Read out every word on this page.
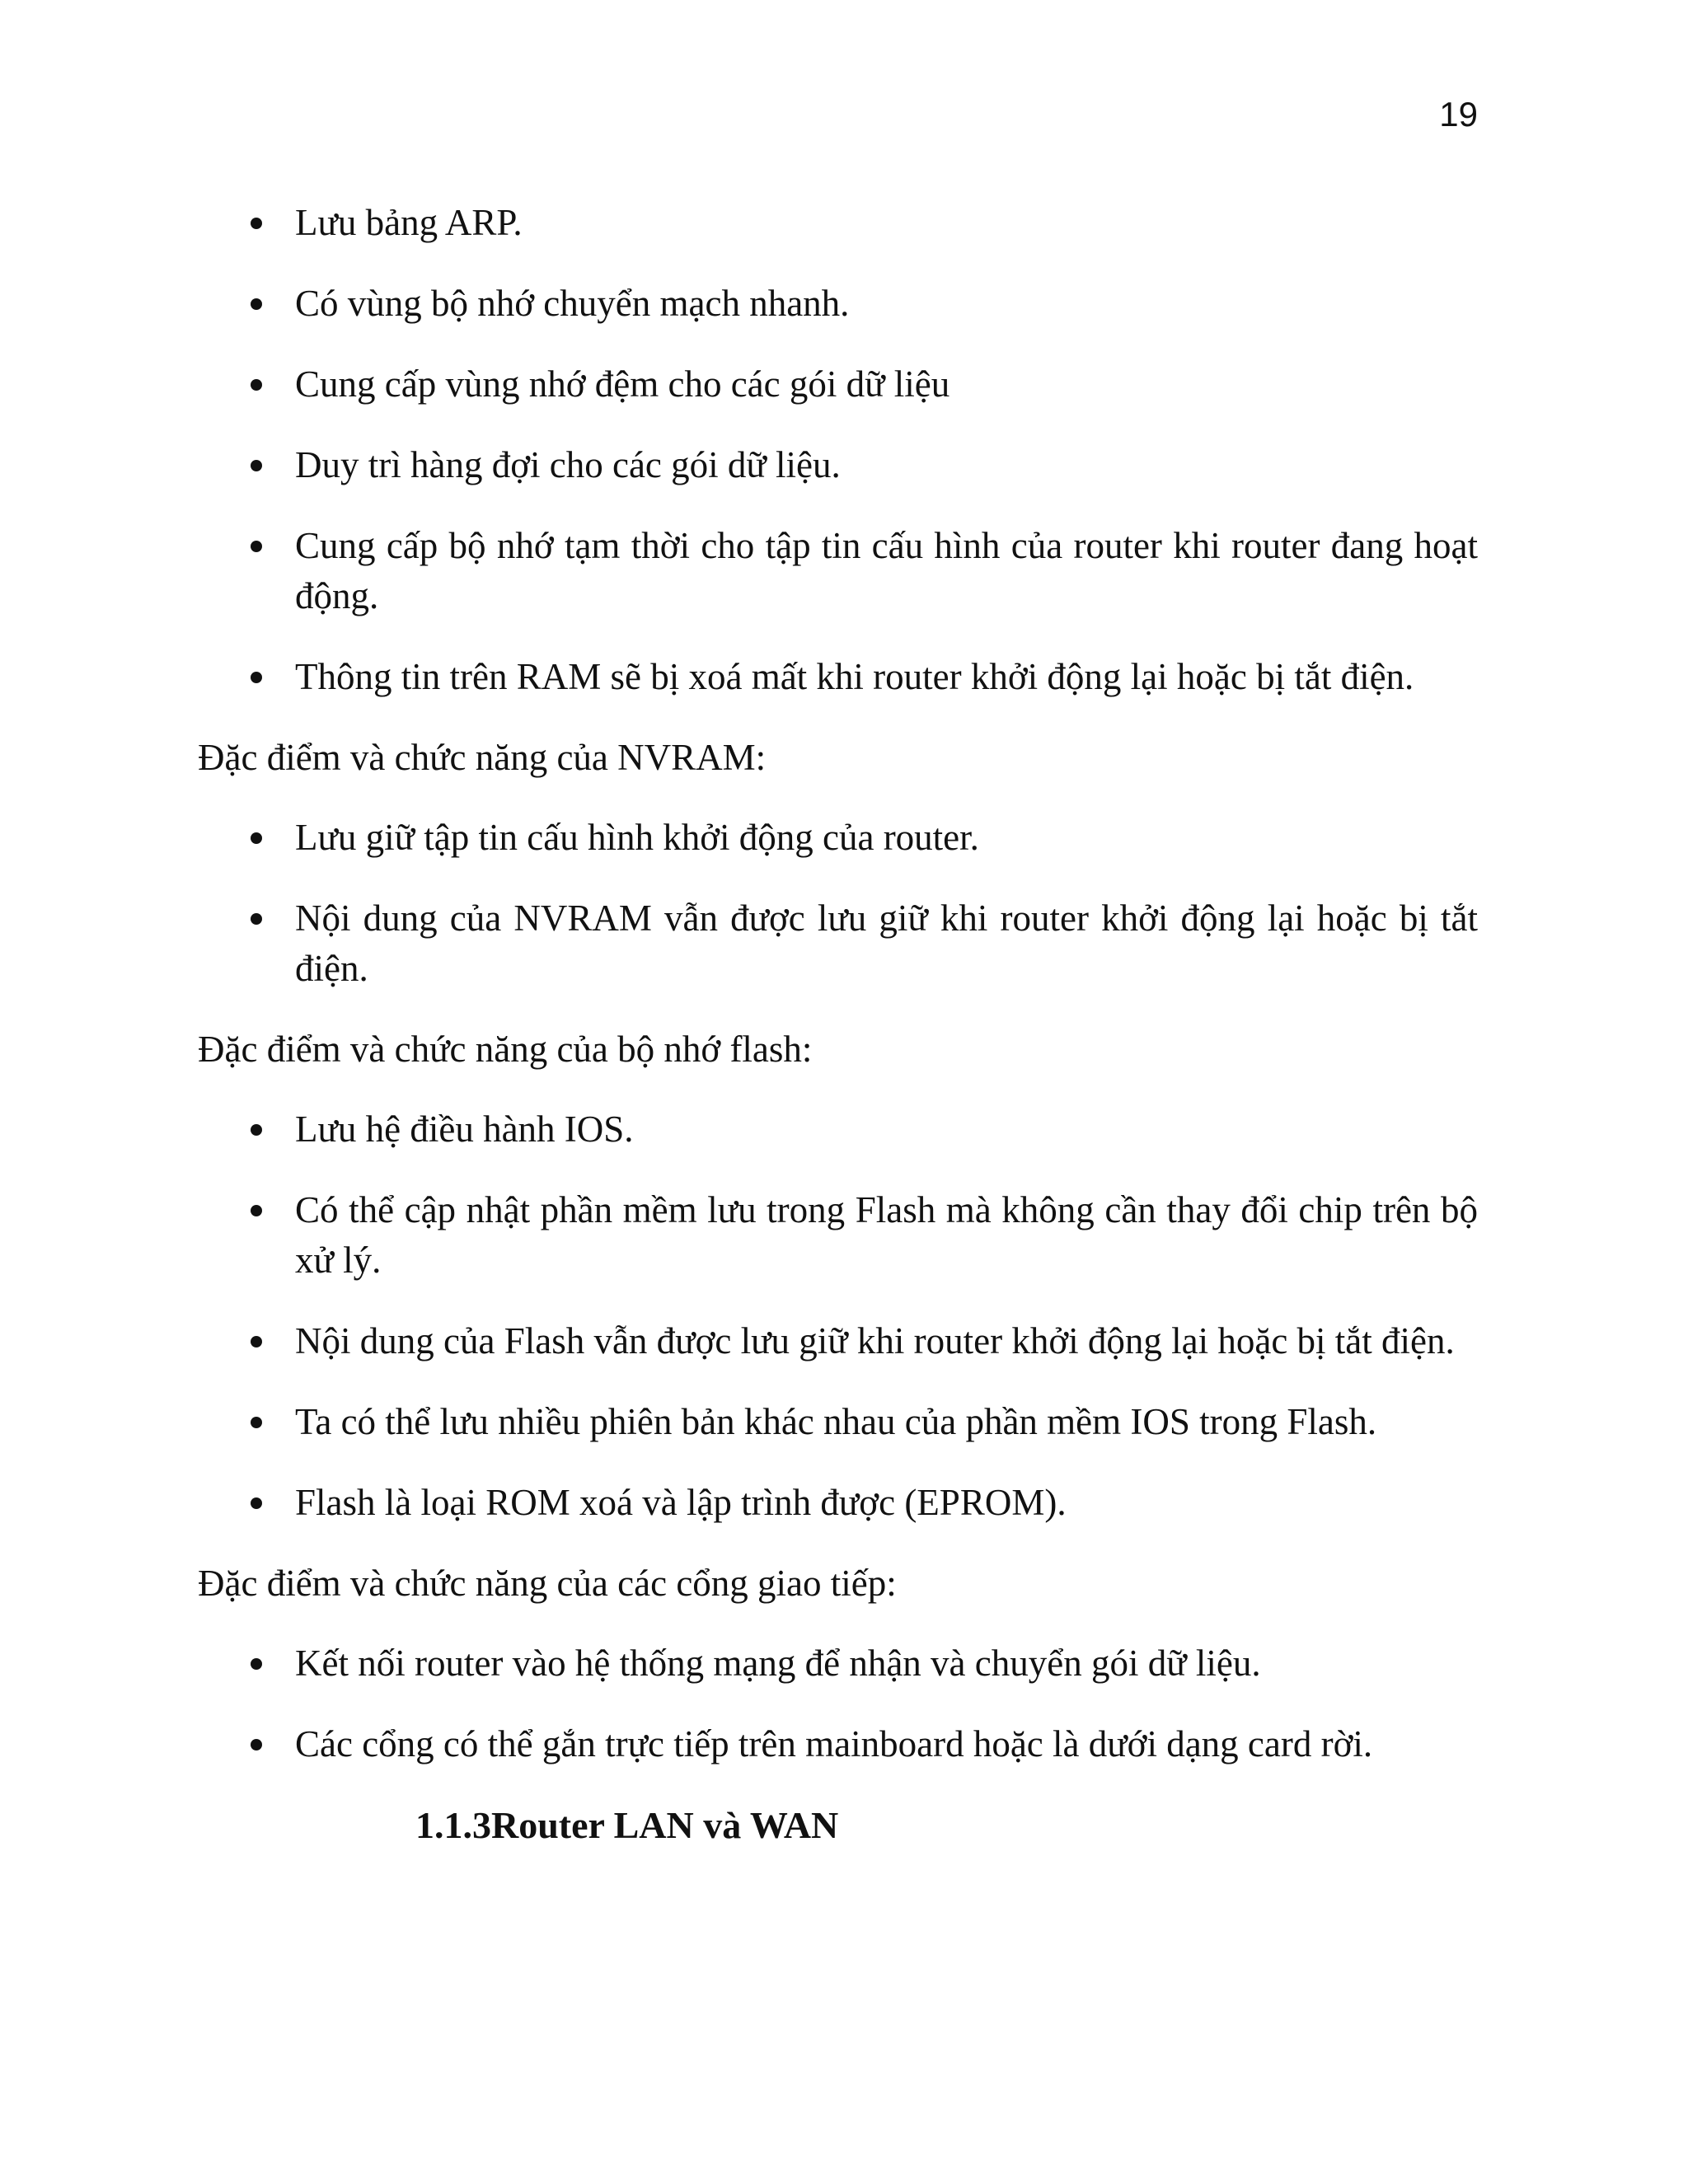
19
Lưu bảng ARP.
Có vùng bộ nhớ chuyển mạch nhanh.
Cung cấp vùng nhớ đệm cho các gói dữ liệu
Duy trì hàng đợi cho các gói dữ liệu.
Cung cấp bộ nhớ tạm thời cho tập tin cấu hình của router khi router đang hoạt động.
Thông tin trên RAM sẽ bị xoá mất khi router khởi động lại hoặc bị tắt điện.

Đặc điểm và chức năng của NVRAM:

Lưu giữ tập tin cấu hình khởi động của router.
Nội dung của NVRAM vẫn được lưu giữ khi router khởi động lại hoặc bị tắt điện.

Đặc điểm và chức năng của bộ nhớ flash:

Lưu hệ điều hành IOS.
Có thể cập nhật phần mềm lưu trong Flash mà không cần thay đổi chip trên bộ xử lý.
Nội dung của Flash vẫn được lưu giữ khi router khởi động lại hoặc bị tắt điện.
Ta có thể lưu nhiều phiên bản khác nhau của phần mềm IOS trong Flash.
Flash là loại ROM xoá và lập trình được (EPROM).

Đặc điểm và chức năng của các cổng giao tiếp:

Kết nối router vào hệ thống mạng để nhận và chuyển gói dữ liệu.
Các cổng có thể gắn trực tiếp trên mainboard hoặc là dưới dạng card rời.
1.1.3Router LAN và WAN
